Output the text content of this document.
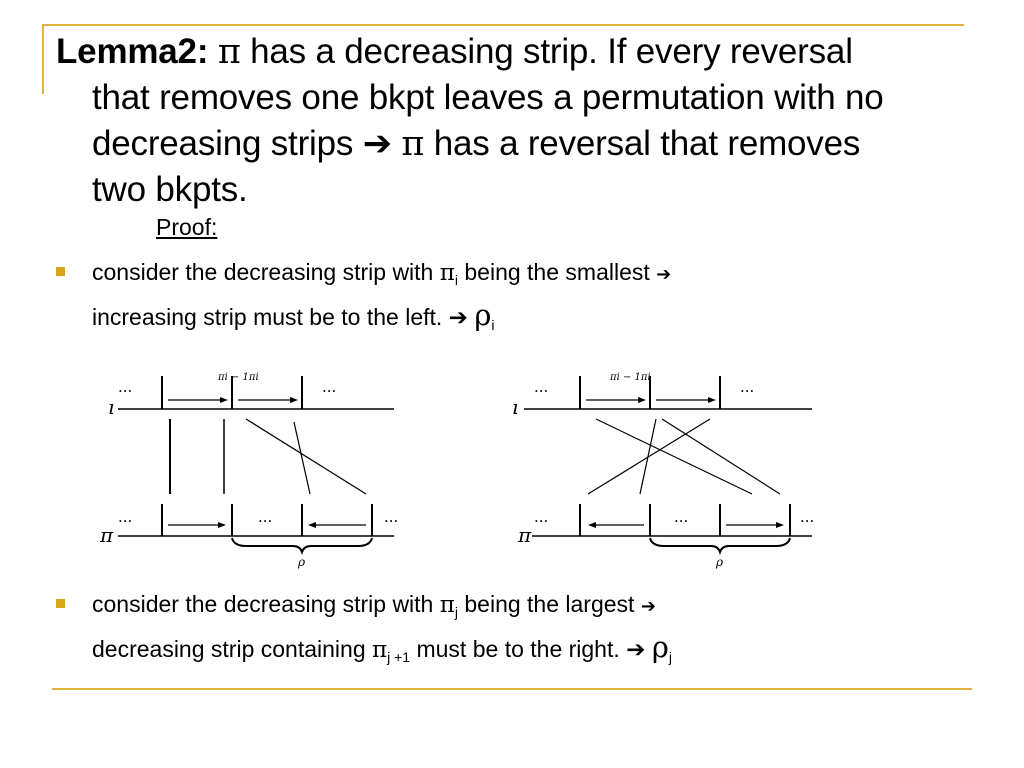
Lemma2: π has a decreasing strip. If every reversal
that removes one bkpt leaves a permutation with no
decreasing strips ➔ π has a reversal that removes
two bkpts.
Proof:
consider the decreasing strip with $\pi_i$ being the smallest ➔
increasing strip must be to the left. ➔ $\rho_i$
ı
···
πi − 1πi
···
π
···	···	···
ρ
ı
···
πi − 1πi
···
π
···	···	···
ρ
consider the decreasing strip with $\pi_j$ being the largest ➔
decreasing strip containing $\pi_{j +1}$ must be to the right. ➔ $\rho_j$
